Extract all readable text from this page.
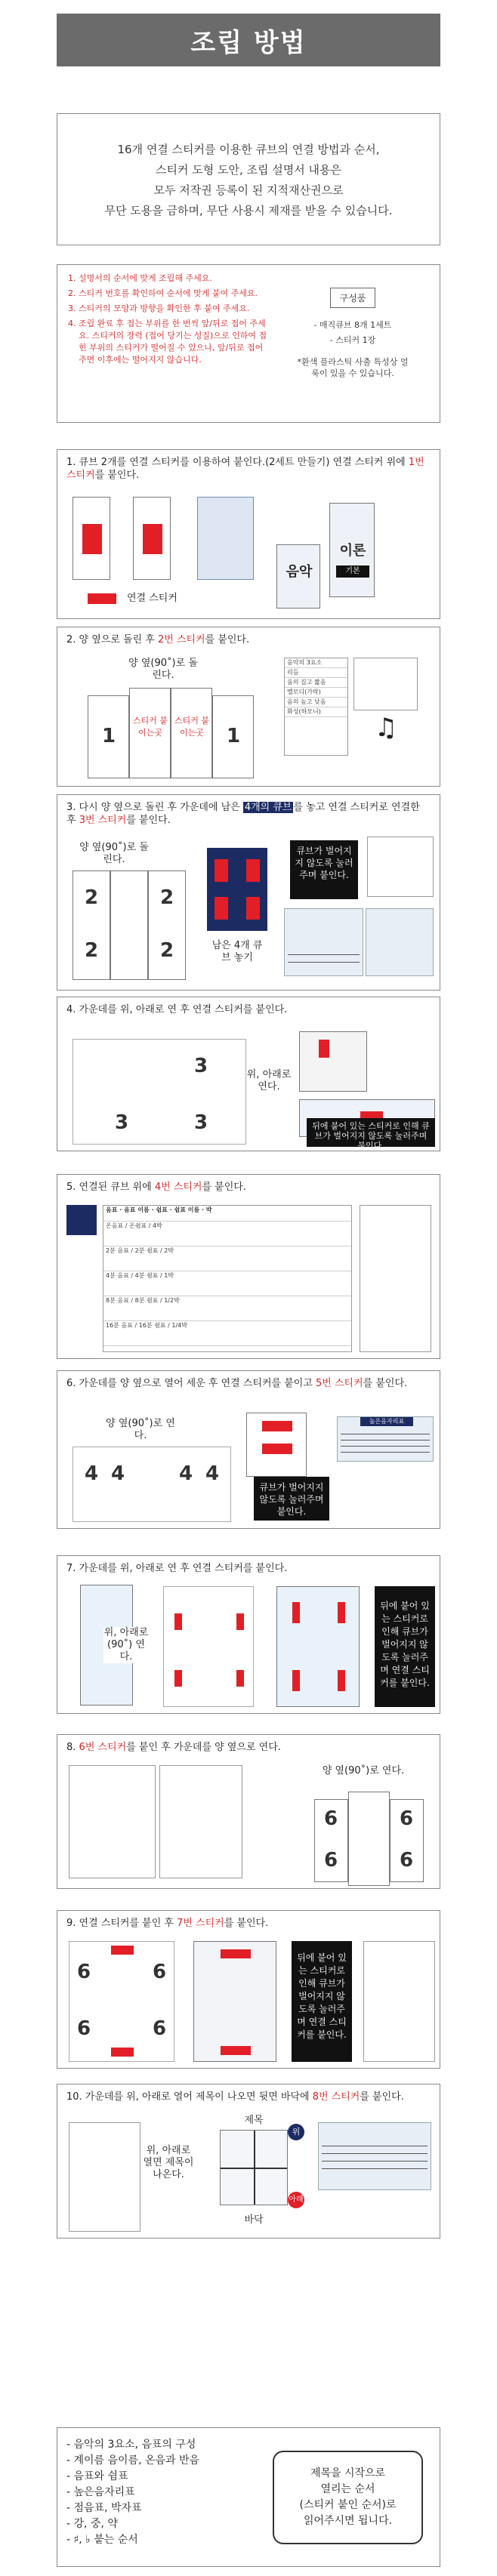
조립 방법
16개 연결 스티커를 이용한 큐브의 연결 방법과 순서,
스티커 도형 도안, 조립 설명서 내용은
모두 저작권 등록이 된 지적재산권으로
무단 도용을 금하며, 무단 사용시 제재를 받을 수 있습니다.
1. 설명서의 순서에 맞게 조립해 주세요.
2. 스티커 번호를 확인하여 순서에 맞게 붙여 주세요.
3. 스티커의 모양과 방향을 확인한 후 붙여 주세요.
4. 조립 완료 후 접는 부위를 한 번씩 앞/뒤로 접어 주세요. 스티커의 장력 (접어 당기는 성질)으로 인하여 접힌 부위의 스티커가 떨어질 수 있으나, 앞/뒤로 접어주면 이후에는 떨어지지 않습니다.
구성품
- 매직큐브 8개 1세트
- 스티커 1장
*환색 플라스틱 사출 특성상 얼룩이 있을 수 있습니다.
1. 큐브 2개를 연결 스티커를 이용하여 붙인다.(2세트 만들기) 연결 스티커 위에 1번 스티커를 붙인다.
음악
이론
기본
연결 스티커
2. 양 옆으로 돌린 후 2번 스티커를 붙인다.
양 옆(90˚)로 돌린다.
1
스티커 붙이는곳
스티커 붙이는곳 1
음악의 3요소
리듬
음의 길고 짧음
멜로디(가락)
음의 높고 낮음
화성(하모니)
♫
3. 다시 양 옆으로 돌린 후 가운데에 남은 4개의 큐브 를 놓고 연결 스티커로 연결한 후 3번 스티커를 붙인다.
양 옆(90˚)로 돌린다.
2
2
2
2	남은 4개 큐브 놓기
큐브가 벌어지지 않도록 눌러주며 붙인다.
4. 가운데를 위, 아래로 연 후 연결 스티커를 붙인다.
3	3
3	위, 아래로 연다.
뒤에 붙어 있는 스티커로 인해 큐브가 벌어지지 않도록 눌러주며 붙인다.
5. 연결된 큐브 위에 4번 스티커를 붙인다.
음표 · 음표 이름 · 쉼표 · 쉼표 이름 · 박
온음표 / 온쉼표 / 4박
2분 음표 / 2분 쉼표 / 2박
4분 음표 / 4분 쉼표 / 1박
8분 음표 / 8분 쉼표 / 1/2박
16분 음표 / 16분 쉼표 / 1/4박
6. 가운데를 양 옆으로 열어 세운 후 연결 스티커를 붙이고 5번 스티커를 붙인다.
양 옆(90˚)로 연다.
4 4	4 4
큐브가 벌어지지 않도록 눌러주며 붙인다.
높은음자리표
7. 가운데를 위, 아래로 연 후 연결 스티커를 붙인다.
위, 아래로(90˚) 연다.
뒤에 붙어 있는 스티커로 인해 큐브가 벌어지지 않도록 눌러주며 연결 스티커를 붙인다.
8. 6번 스티커를 붙인 후 가운데를 양 옆으로 연다.
양 옆(90˚)로 연다.
6
6
6
6
9. 연결 스티커를 붙인 후 7번 스티커를 붙인다.
6	6
6	6
뒤에 붙어 있는 스티커로 인해 큐브가 벌어지지 않도록 눌러주며 연결 스티커를 붙인다.
10. 가운데를 위, 아래로 열어 제목이 나오면 뒷면 바닥에 8번 스티커를 붙인다.
위, 아래로 열면 제목이 나온다.
제목
바닥
위
아래
- 음악의 3요소, 음표의 구성
- 계이름 음이름, 온음과 반음
- 음표와 쉼표
- 높은음자리표
- 점음표, 박자표
- 강, 중, 약
- ♯, ♭ 붙는 순서
제목을 시작으로
열리는 순서
(스티커 붙인 순서)로
읽어주시면 됩니다.
